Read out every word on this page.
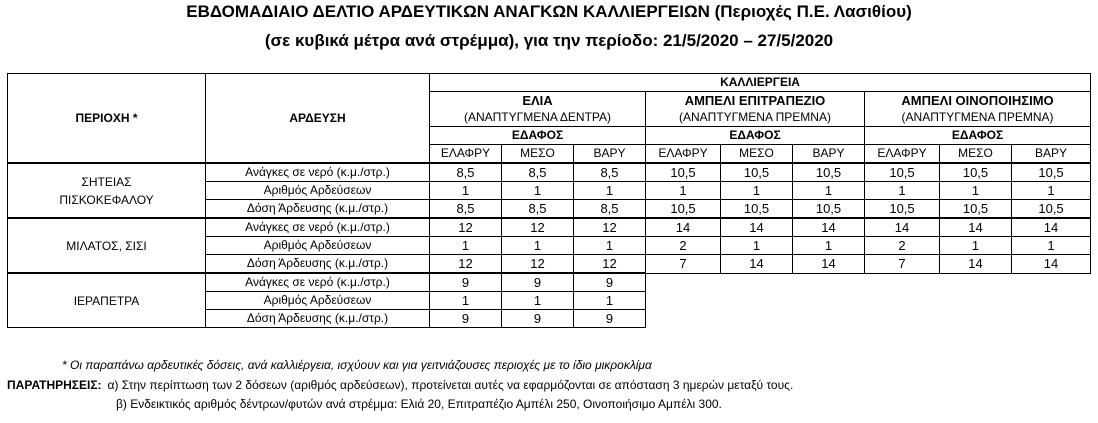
ΕΒΔΟΜΑΔΙΑΙΟ ΔΕΛΤΙΟ ΑΡΔΕΥΤΙΚΩΝ ΑΝΑΓΚΩΝ ΚΑΛΛΙΕΡΓΕΙΩΝ (Περιοχές Π.Ε. Λασιθίου)
(σε κυβικά μέτρα ανά στρέμμα), για την περίοδο: 21/5/2020 – 27/5/2020
ΠΕΡΙΟΧΗ *	ΑΡΔΕΥΣΗ	ΚΑΛΛΙΕΡΓΕΙΑ								
		ΕΛΙΑ			ΑΜΠΕΛΙ ΕΠΙΤΡΑΠΕΖΙΟ			ΑΜΠΕΛΙ ΟΙΝΟΠΟΙΗΣΙΜΟ		
		(ΑΝΑΠΤΥΓΜΕΝΑ ΔΕΝΤΡΑ)			(ΑΝΑΠΤΥΓΜΕΝΑ ΠΡΕΜΝΑ)			(ΑΝΑΠΤΥΓΜΕΝΑ ΠΡΕΜΝΑ)		
		ΕΔΑΦΟΣ			ΕΔΑΦΟΣ			ΕΔΑΦΟΣ		
		ΕΛΑΦΡΥ	ΜΕΣΟ	ΒΑΡΥ	ΕΛΑΦΡΥ	ΜΕΣΟ	ΒΑΡΥ	ΕΛΑΦΡΥ	ΜΕΣΟ	ΒΑΡΥ

ΣΗΤΕΙΑΣ
ΠΙΣΚΟΚΕΦΑΛΟΥ	Ανάγκες σε νερό (κ.μ./στρ.)	8,5	8,5	8,5	10,5	10,5	10,5	10,5	10,5	10,5
	Αριθμός Αρδεύσεων	1	1	1	1	1	1	1	1	1
	Δόση Άρδευσης (κ.μ./στρ.)	8,5	8,5	8,5	10,5	10,5	10,5	10,5	10,5	10,5

ΜΙΛΑΤΟΣ, ΣΙΣΙ	Ανάγκες σε νερό (κ.μ./στρ.)	12	12	12	14	14	14	14	14	14
	Αριθμός Αρδεύσεων	1	1	1	2	1	1	2	1	1
	Δόση Άρδευσης (κ.μ./στρ.)	12	12	12	7	14	14	7	14	14

ΙΕΡΑΠΕΤΡΑ	Ανάγκες σε νερό (κ.μ./στρ.)	9	9	9						
	Αριθμός Αρδεύσεων	1	1	1						
	Δόση Άρδευσης (κ.μ./στρ.)	9	9	9						
* Οι παραπάνω αρδευτικές δόσεις, ανά καλλιέργεια, ισχύουν και για γειτνιάζουσες περιοχές με το ίδιο μικροκλίμα
ΠΑΡΑΤΗΡΗΣΕΙΣ: α) Στην περίπτωση των 2 δόσεων (αριθμός αρδεύσεων), προτείνεται αυτές να εφαρμόζονται σε απόσταση 3 ημερών μεταξύ τους.
β) Ενδεικτικός αριθμός δέντρων/φυτών ανά στρέμμα: Ελιά 20, Επιτραπέζιο Αμπέλι 250, Οινοποιήσιμο Αμπέλι 300.
